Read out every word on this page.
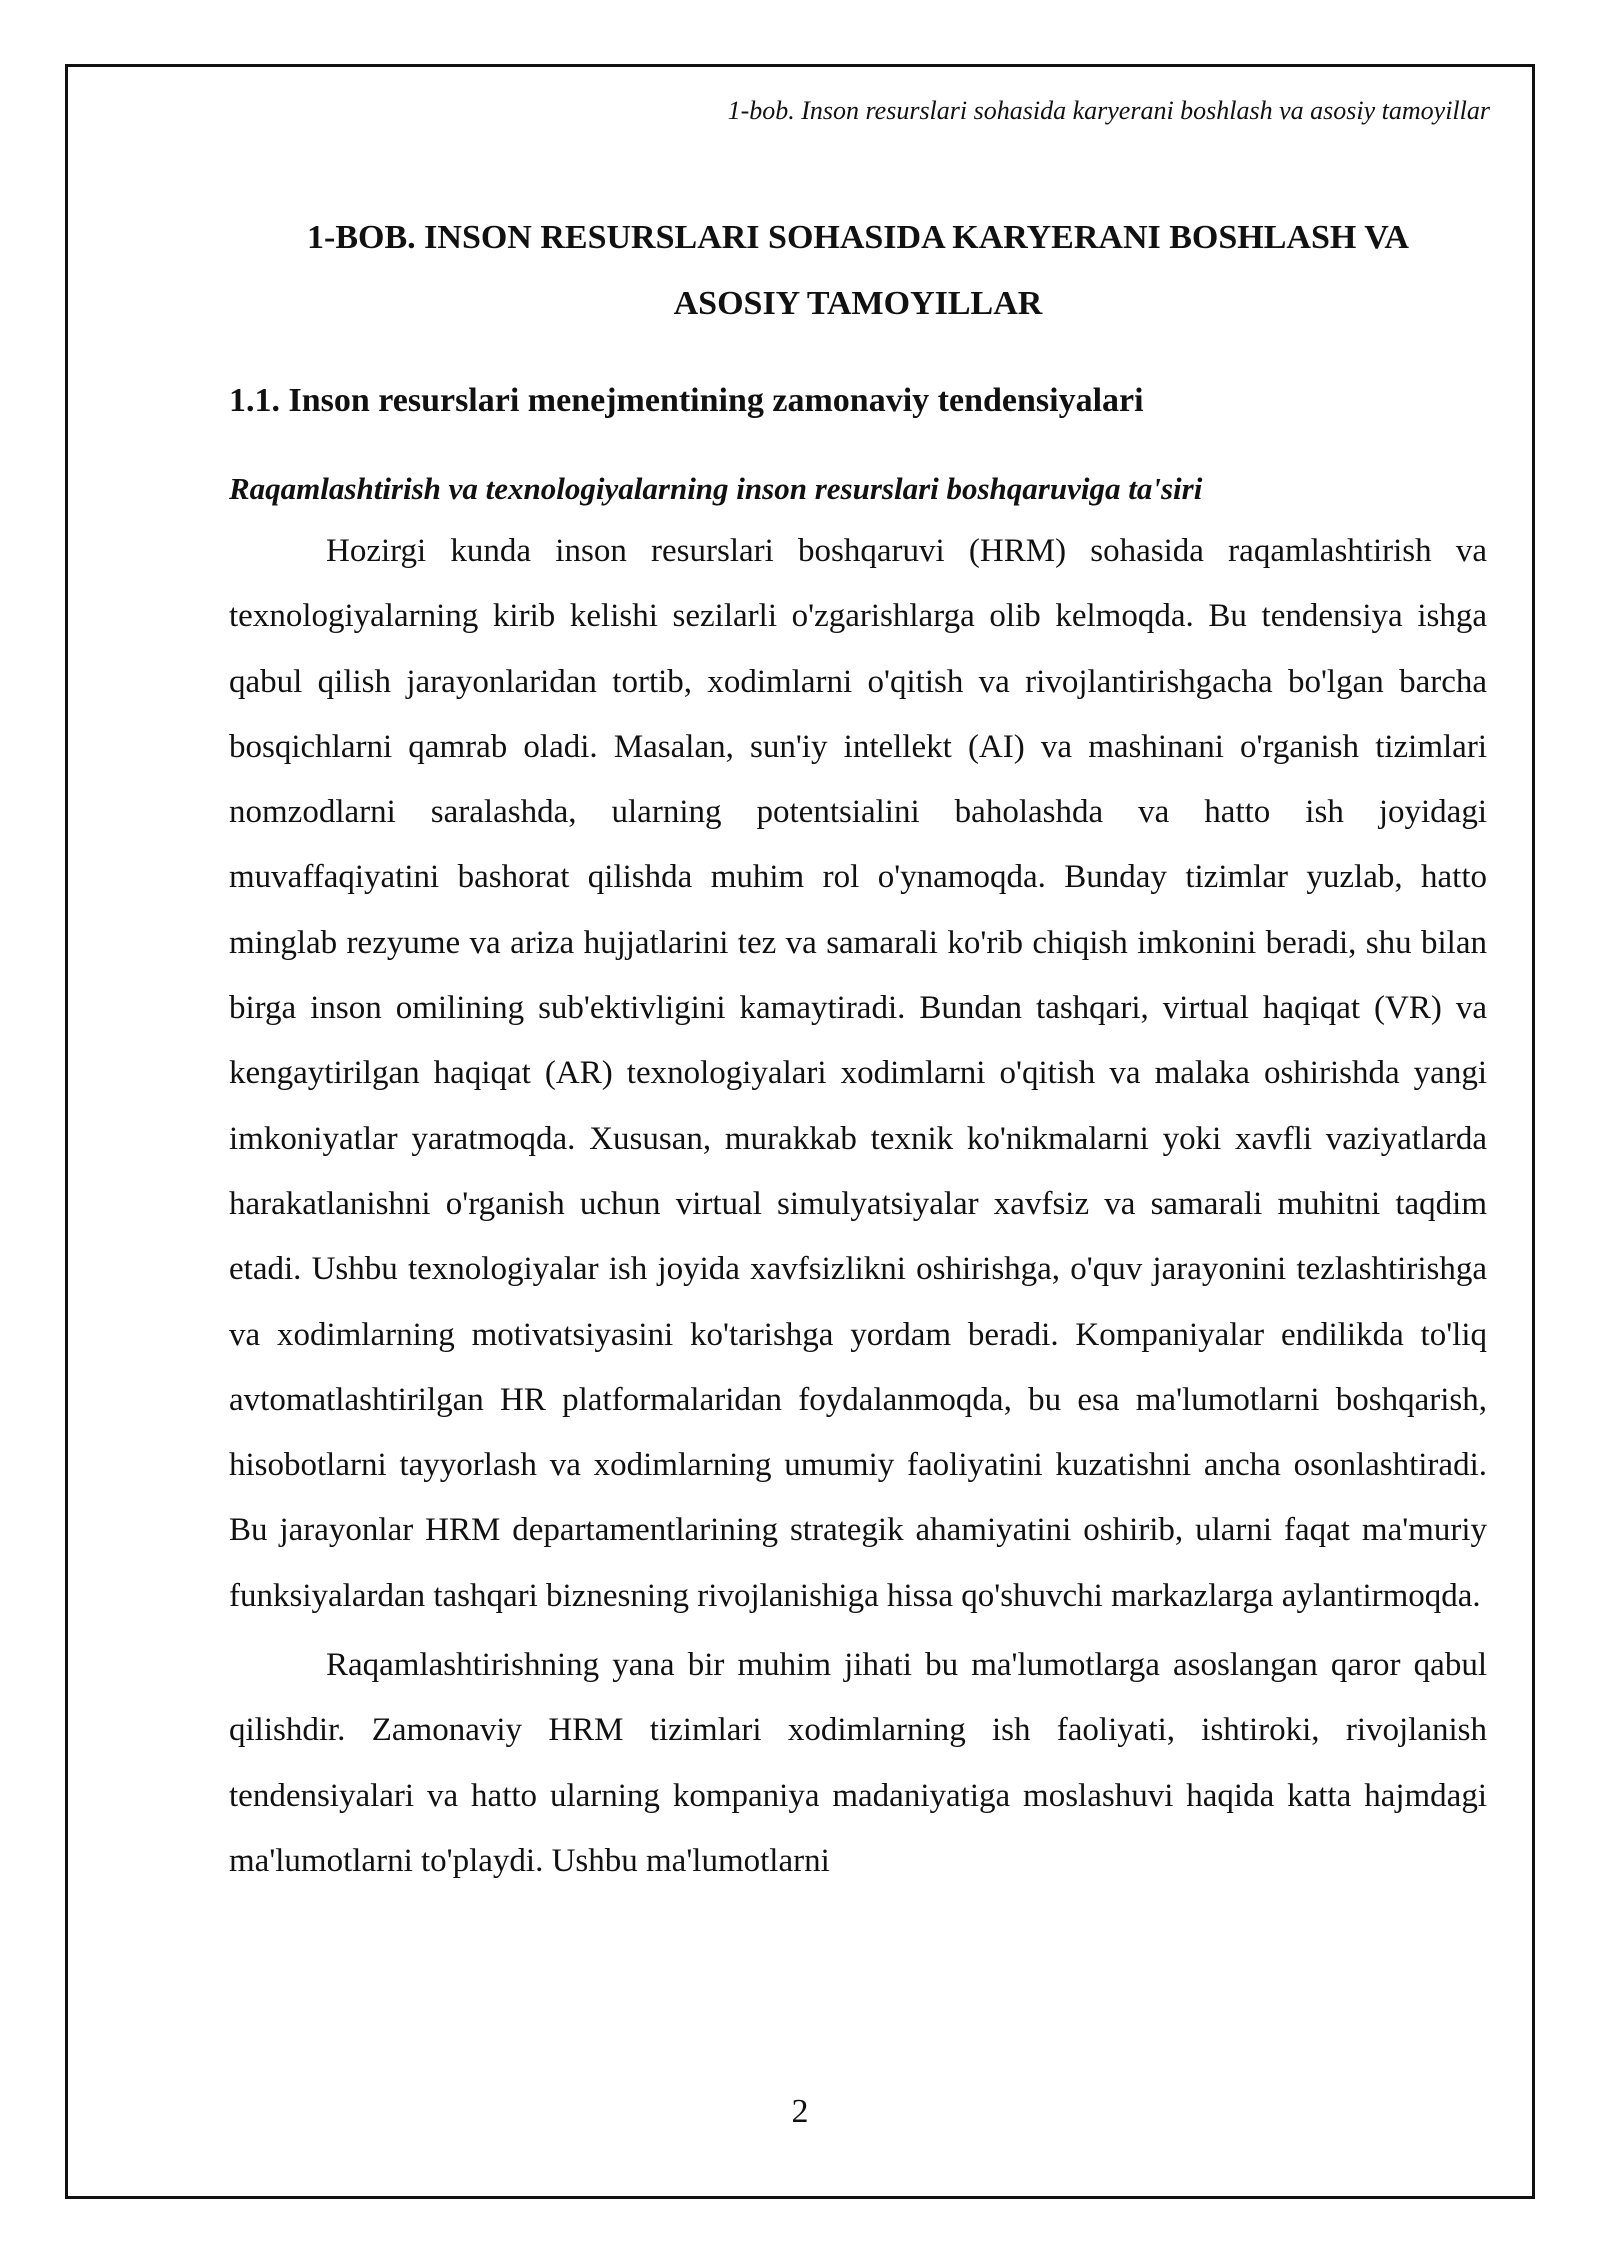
1-bob. Inson resurslari sohasida karyerani boshlash va asosiy tamoyillar
1-BOB. INSON RESURSLARI SOHASIDA KARYERANI BOSHLASH VA
ASOSIY TAMOYILLAR
1.1. Inson resurslari menejmentining zamonaviy tendensiyalari
Raqamlashtirish va texnologiyalarning inson resurslari boshqaruviga ta'siri

Hozirgi kunda inson resurslari boshqaruvi (HRM) sohasida raqamlashtirish va texnologiyalarning kirib kelishi sezilarli o'zgarishlarga olib kelmoqda. Bu tendensiya ishga qabul qilish jarayonlaridan tortib, xodimlarni o'qitish va rivojlantirishgacha bo'lgan barcha bosqichlarni qamrab oladi. Masalan, sun'iy intellekt (AI) va mashinani o'rganish tizimlari nomzodlarni saralashda, ularning potentsialini baholashda va hatto ish joyidagi muvaffaqiyatini bashorat qilishda muhim rol o'ynamoqda. Bunday tizimlar yuzlab, hatto minglab rezyume va ariza hujjatlarini tez va samarali ko'rib chiqish imkonini beradi, shu bilan birga inson omilining sub'ektivligini kamaytiradi. Bundan tashqari, virtual haqiqat (VR) va kengaytirilgan haqiqat (AR) texnologiyalari xodimlarni o'qitish va malaka oshirishda yangi imkoniyatlar yaratmoqda. Xususan, murakkab texnik ko'nikmalarni yoki xavfli vaziyatlarda harakatlanishni o'rganish uchun virtual simulyatsiyalar xavfsiz va samarali muhitni taqdim etadi. Ushbu texnologiyalar ish joyida xavfsizlikni oshirishga, o'quv jarayonini tezlashtirishga va xodimlarning motivatsiyasini ko'tarishga yordam beradi. Kompaniyalar endilikda to'liq avtomatlashtirilgan HR platformalaridan foydalanmoqda, bu esa ma'lumotlarni boshqarish, hisobotlarni tayyorlash va xodimlarning umumiy faoliyatini kuzatishni ancha osonlashtiradi. Bu jarayonlar HRM departamentlarining strategik ahamiyatini oshirib, ularni faqat ma'muriy funksiyalardan tashqari biznesning rivojlanishiga hissa qo'shuvchi markazlarga aylantirmoqda.

Raqamlashtirishning yana bir muhim jihati bu ma'lumotlarga asoslangan qaror qabul qilishdir. Zamonaviy HRM tizimlari xodimlarning ish faoliyati, ishtiroki, rivojlanish tendensiyalari va hatto ularning kompaniya madaniyatiga moslashuvi haqida katta hajmdagi ma'lumotlarni to'playdi. Ushbu ma'lumotlarni

2
